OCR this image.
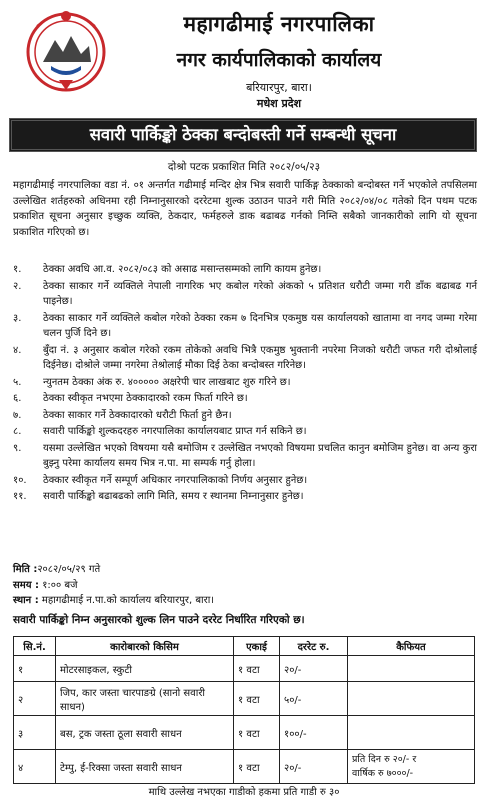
महागढीमाई नगरपालिका
नगर कार्यपालिकाको कार्यालय
बरियारपुर, बारा।
मधेश प्रदेश
सवारी पार्किङ्को ठेक्का बन्दोबस्ती गर्ने सम्बन्धी सूचना
दोश्रो पटक प्रकाशित मिति २०८२/०५/२३

महागढीमाई नगरपालिका वडा नं. ०१ अन्तर्गत गढीमाई मन्दिर क्षेत्र भित्र सवारी पार्किङ्ग ठेक्काको बन्दोबस्त गर्ने भएकोले तपसिलमा उल्लेखित शर्तहरुको अधिनमा रही निम्नानुसारको दररेटमा शुल्क उठाउन पाउने गरी मिति २०८२/०४/०८ गतेको दिन पथम पटक प्रकाशित सूचना अनुसार इच्छुक व्यक्ति, ठेकदार, फर्महरुले डाक बढाबढ गर्नको निम्ति सबैको जानकारीको लागि यो सूचना प्रकाशित गरिएको छ।

१.	ठेक्का अवधि आ.व. २०८२/०८३ को असाढ मसान्तसम्मको लागि कायम हुनेछ।
२.	ठेक्का साकार गर्ने व्यक्तिले नेपाली नागरिक भए कबोल गरेको अंकको ५ प्रतिशत धरौटी जम्मा गरी डाँक बढाबढ गर्न पाइनेछ।
३.	ठेक्का साकार गर्ने व्यक्तिले कबोल गरेको ठेक्का रकम ७ दिनभित्र एकमुष्ठ यस कार्यालयको खातामा वा नगद जम्मा गरेमा चलन पुर्जि दिने छ।
४.	बुँदा नं. ३ अनुसार कबोल गरेको रकम तोकेको अवधि भित्रै एकमुष्ठ भुक्तानी नपरेमा निजको धरौटी जफत गरी दोश्रोलाई दिईनेछ। दोश्रोले जम्मा नगरेमा तेश्रोलाई मौका दिई ठेका बन्दोबस्त गरिनेछ।
५.	न्युनतम ठेक्का अंक रु. ४००००० अक्षरेपी चार लाखबाट शुरु गरिने छ।
६.	ठेक्का स्वीकृत नभएमा ठेक्कादारको रकम फिर्ता गरिने छ।
७.	ठेक्का साकार गर्ने ठेक्कादारको धरौटी फिर्ता हुने छैन।
८.	सवारी पार्किङ्को शुल्कदरहरु नगरपालिका कार्यालयबाट प्राप्त गर्न सकिने छ।
९.	यसमा उल्लेखित भएको विषयमा यसै बमोजिम र उल्लेखित नभएको विषयमा प्रचलित कानुन बमोजिम हुनेछ। वा अन्य कुरा बुझ्नु परेमा कार्यालय समय भित्र न.पा. मा सम्पर्क गर्नु होला।
१०.	ठेक्कार स्वीकृत गर्ने सम्पूर्ण अधिकार नगरपालिकाको निर्णय अनुसार हुनेछ।
११.	सवारी पार्किङ्को बढाबढको लागि मिति, समय र स्थानमा निम्नानुसार हुनेछ।
मिति :२०८२/०५/२९ गते
समय : १:०० बजे
स्थान : महागढीमाई न.पा.को कार्यालय बरियारपुर, बारा।
सवारी पार्किङ्को निम्न अनुसारको शुल्क लिन पाउने दररेट निर्धारित गरिएको छ।
सि.नं.	कारोबारको किसिम	एकाई	दररेट रु.	कैफियत
१	मोटरसाइकल, स्कुटी	१ वटा	२०/-	
२	जिप, कार जस्ता चारपाङग्रे (सानो सवारी साधन)	१ वटा	५०/-	
३	बस, ट्रक जस्ता ठूला सवारी साधन	१ वटा	१००/-	
४	टेम्पु, ई-रिक्सा जस्ता सवारी साधन	१ वटा	२०/-	प्रति दिन रु २०/- र
वार्षिक रु ७०००/-
माथि उल्लेख नभएका गाडीको हकमा प्रति गाडी रु ३०
